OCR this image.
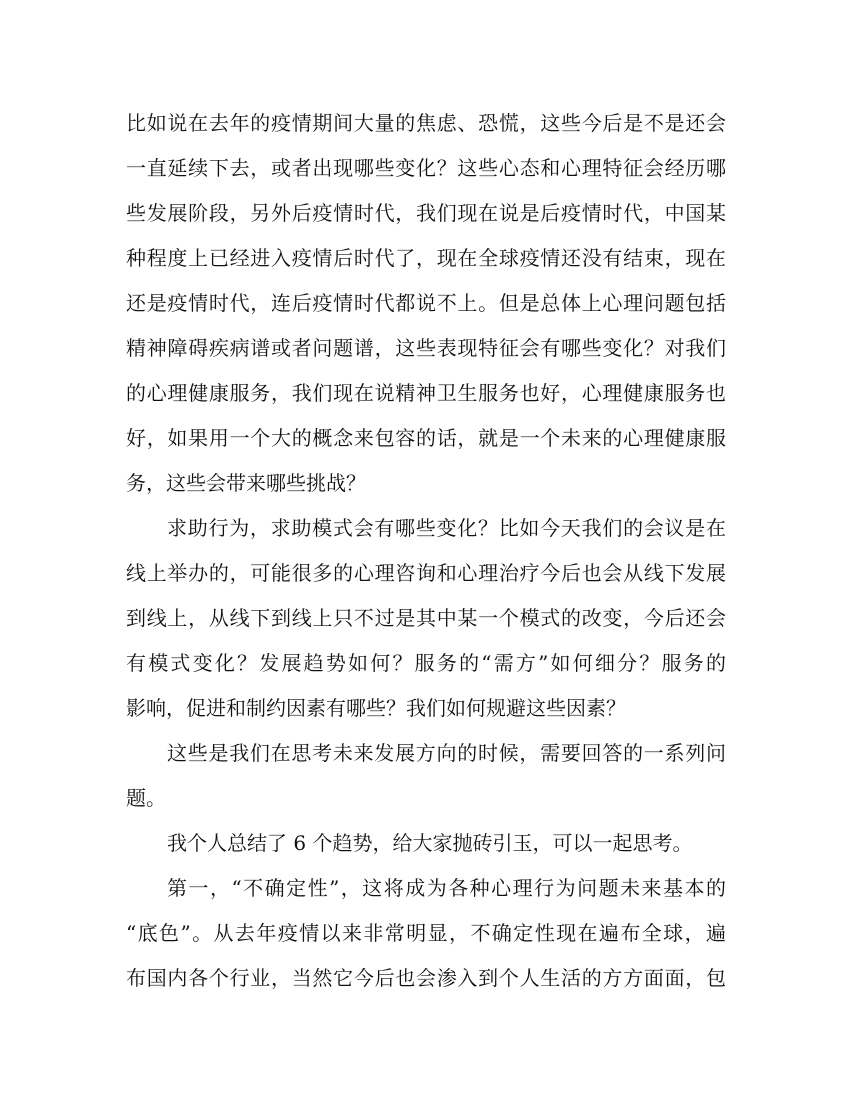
比如说在去年的疫情期间大量的焦虑、恐慌，这些今后是不是还会
一直延续下去，或者出现哪些变化？这些心态和心理特征会经历哪
些发展阶段，另外后疫情时代，我们现在说是后疫情时代，中国某
种程度上已经进入疫情后时代了，现在全球疫情还没有结束，现在
还是疫情时代，连后疫情时代都说不上。但是总体上心理问题包括
精神障碍疾病谱或者问题谱，这些表现特征会有哪些变化？对我们
的心理健康服务，我们现在说精神卫生服务也好，心理健康服务也
好，如果用一个大的概念来包容的话，就是一个未来的心理健康服
务，这些会带来哪些挑战？
求助行为，求助模式会有哪些变化？比如今天我们的会议是在
线上举办的，可能很多的心理咨询和心理治疗今后也会从线下发展
到线上，从线下到线上只不过是其中某一个模式的改变，今后还会
有模式变化？发展趋势如何？服务的“需方”如何细分？服务的
影响，促进和制约因素有哪些？我们如何规避这些因素？
这些是我们在思考未来发展方向的时候，需要回答的一系列问
题。
我个人总结了 6 个趋势，给大家抛砖引玉，可以一起思考。
第一，“不确定性”，这将成为各种心理行为问题未来基本的
“底色”。从去年疫情以来非常明显，不确定性现在遍布全球，遍
布国内各个行业，当然它今后也会渗入到个人生活的方方面面，包
